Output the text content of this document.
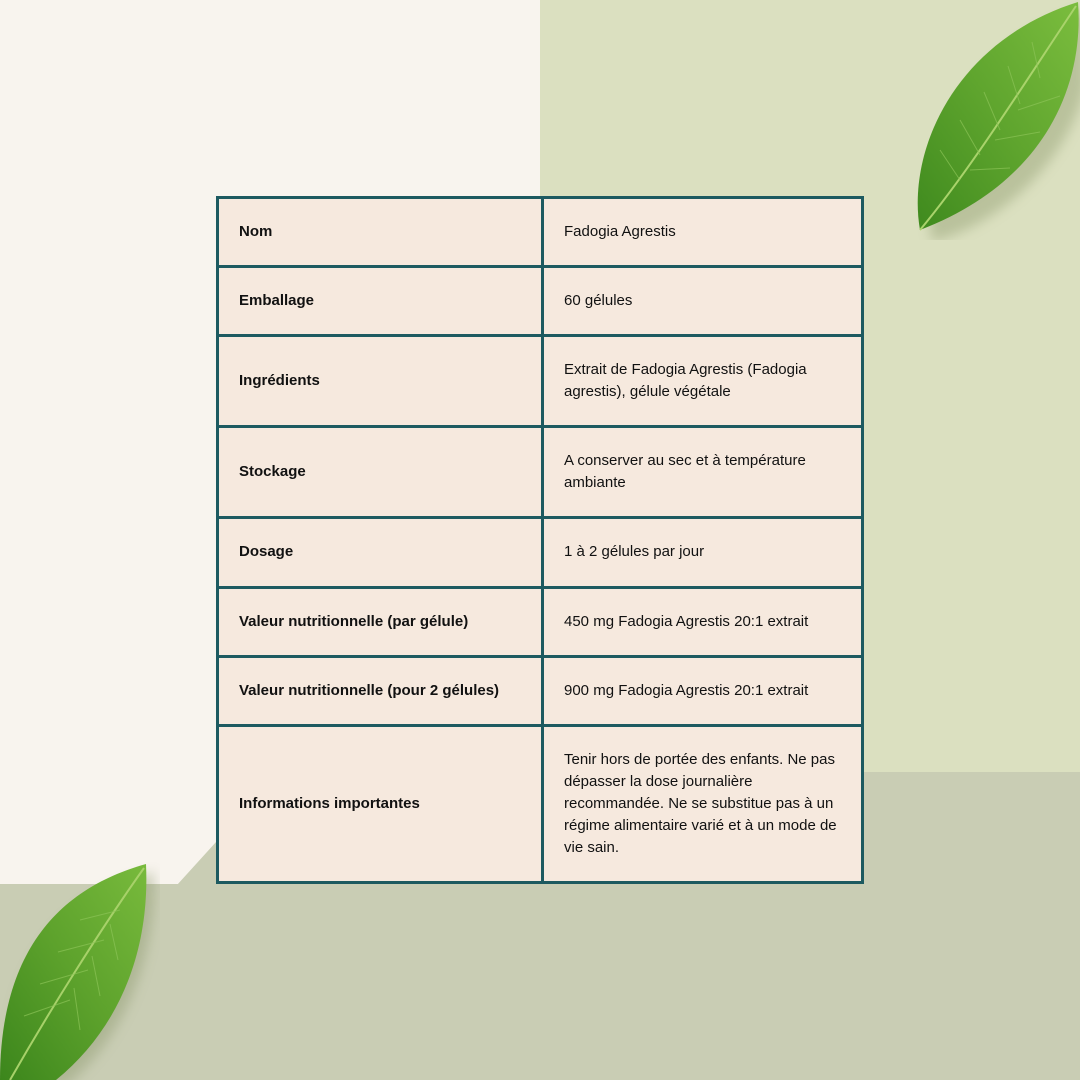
Nom	Fadogia Agrestis
Emballage	60 gélules
Ingrédients	Extrait de Fadogia Agrestis (Fadogia agrestis), gélule végétale
Stockage	A conserver au sec et à température ambiante
Dosage	1 à 2 gélules par jour
Valeur nutritionnelle (par gélule)	450 mg Fadogia Agrestis 20:1 extrait
Valeur nutritionnelle (pour 2 gélules)	900 mg Fadogia Agrestis 20:1 extrait
Informations importantes	Tenir hors de portée des enfants. Ne pas dépasser la dose journalière recommandée. Ne se substitue pas à un régime alimentaire varié et à un mode de vie sain.
